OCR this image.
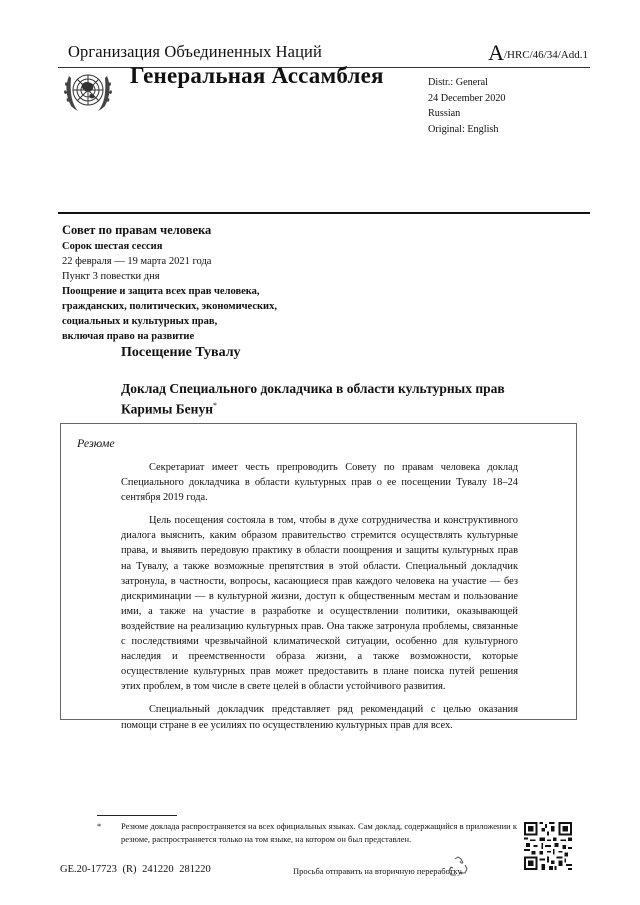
Организация Объединенных Наций	A/HRC/46/34/Add.1
Генеральная Ассамблея	Distr.: General
24 December 2020
Russian
Original: English
Совет по правам человека
Сорок шестая сессия
22 февраля — 19 марта 2021 года
Пункт 3 повестки дня
Поощрение и защита всех прав человека,
гражданских, политических, экономических,
социальных и культурных прав,
включая право на развитие
Посещение Тувалу
Доклад Специального докладчика в области культурных прав
Каримы Бенун*
Резюме

Секретариат имеет честь препроводить Совету по правам человека доклад Специального докладчика в области культурных прав о ее посещении Тувалу 18–24 сентября 2019 года.

Цель посещения состояла в том, чтобы в духе сотрудничества и конструктивного диалога выяснить, каким образом правительство стремится осуществлять культурные права, и выявить передовую практику в области поощрения и защиты культурных прав на Тувалу, а также возможные препятствия в этой области. Специальный докладчик затронула, в частности, вопросы, касающиеся прав каждого человека на участие — без дискриминации — в культурной жизни, доступ к общественным местам и пользование ими, а также на участие в разработке и осуществлении политики, оказывающей воздействие на реализацию культурных прав. Она также затронула проблемы, связанные с последствиями чрезвычайной климатической ситуации, особенно для культурного наследия и преемственности образа жизни, а также возможности, которые осуществление культурных прав может предоставить в плане поиска путей решения этих проблем, в том числе в свете целей в области устойчивого развития.

Специальный докладчик представляет ряд рекомендаций с целью оказания помощи стране в ее усилиях по осуществлению культурных прав для всех.

* Резюме доклада распространяется на всех официальных языках. Сам доклад, содержащийся в приложении к резюме, распространяется только на том языке, на котором он был представлен.
GE.20-17723 (R) 241220 281220	Просьба отправить на вторичную переработку
